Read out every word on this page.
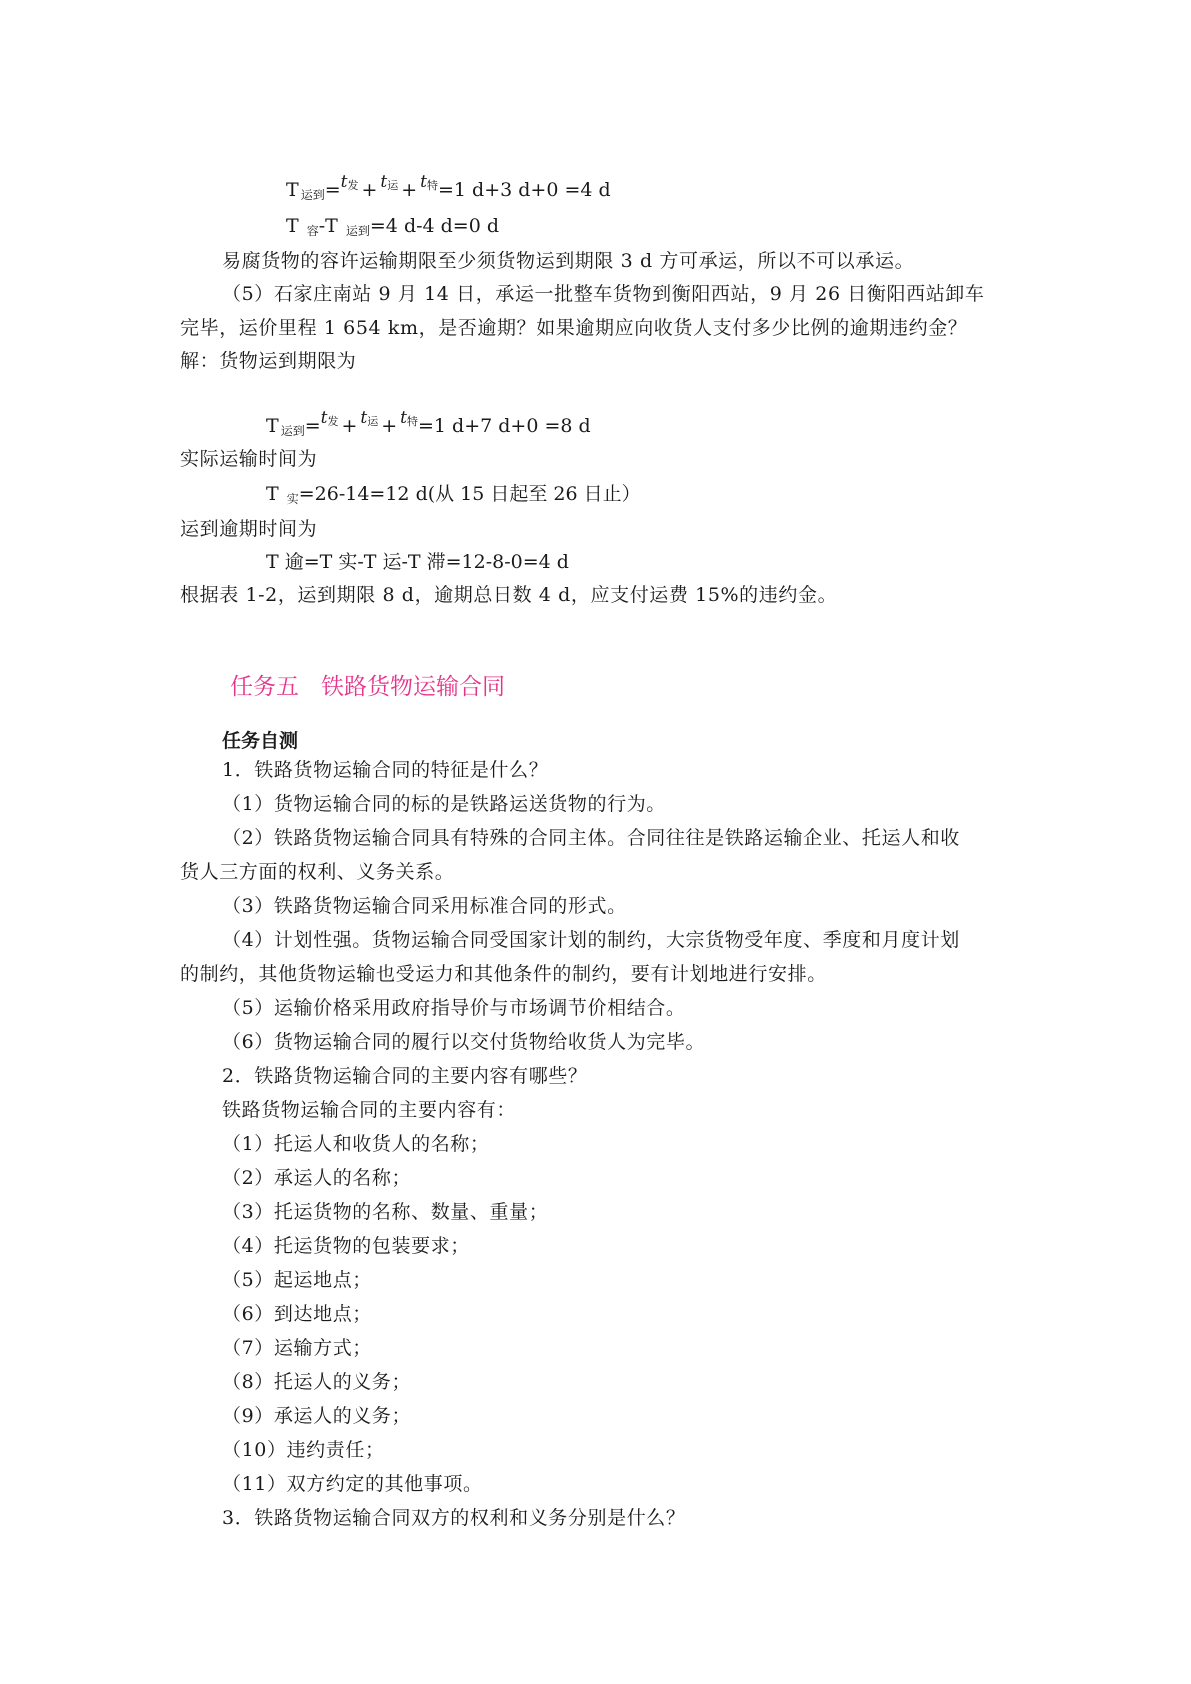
T $_{运到}=t^发 + t^运 + t^特=1$ d+3 d+0 =4 d
T $_容$-T $_{运到}$=4 d-4 d=0 d
易腐货物的容许运输期限至少须货物运到期限 3 d 方可承运，所以不可以承运。
（5）石家庄南站 9 月 14 日，承运一批整车货物到衡阳西站，9 月 26 日衡阳西站卸车
完毕，运价里程 1 654 km，是否逾期？如果逾期应向收货人支付多少比例的逾期违约金？
解：货物运到期限为
T $_{运到}=t^发 + t^运 + t^特=1$ d+7 d+0 =8 d
实际运输时间为
T $_实$=26-14=12 d(从 15 日起至 26 日止）
运到逾期时间为
T 逾=T 实-T 运-T 滞=12-8-0=4 d
根据表 1-2，运到期限 8 d，逾期总日数 4 d，应支付运费 15%的违约金。
任务五 铁路货物运输合同
任务自测
1．铁路货物运输合同的特征是什么？
（1）货物运输合同的标的是铁路运送货物的行为。
（2）铁路货物运输合同具有特殊的合同主体。合同往往是铁路运输企业、托运人和收
货人三方面的权利、义务关系。
（3）铁路货物运输合同采用标准合同的形式。
（4）计划性强。货物运输合同受国家计划的制约，大宗货物受年度、季度和月度计划
的制约，其他货物运输也受运力和其他条件的制约，要有计划地进行安排。
（5）运输价格采用政府指导价与市场调节价相结合。
（6）货物运输合同的履行以交付货物给收货人为完毕。
2．铁路货物运输合同的主要内容有哪些？
铁路货物运输合同的主要内容有：
（1）托运人和收货人的名称；
（2）承运人的名称；
（3）托运货物的名称、数量、重量；
（4）托运货物的包装要求；
（5）起运地点；
（6）到达地点；
（7）运输方式；
（8）托运人的义务；
（9）承运人的义务；
（10）违约责任；
（11）双方约定的其他事项。
3．铁路货物运输合同双方的权利和义务分别是什么？
